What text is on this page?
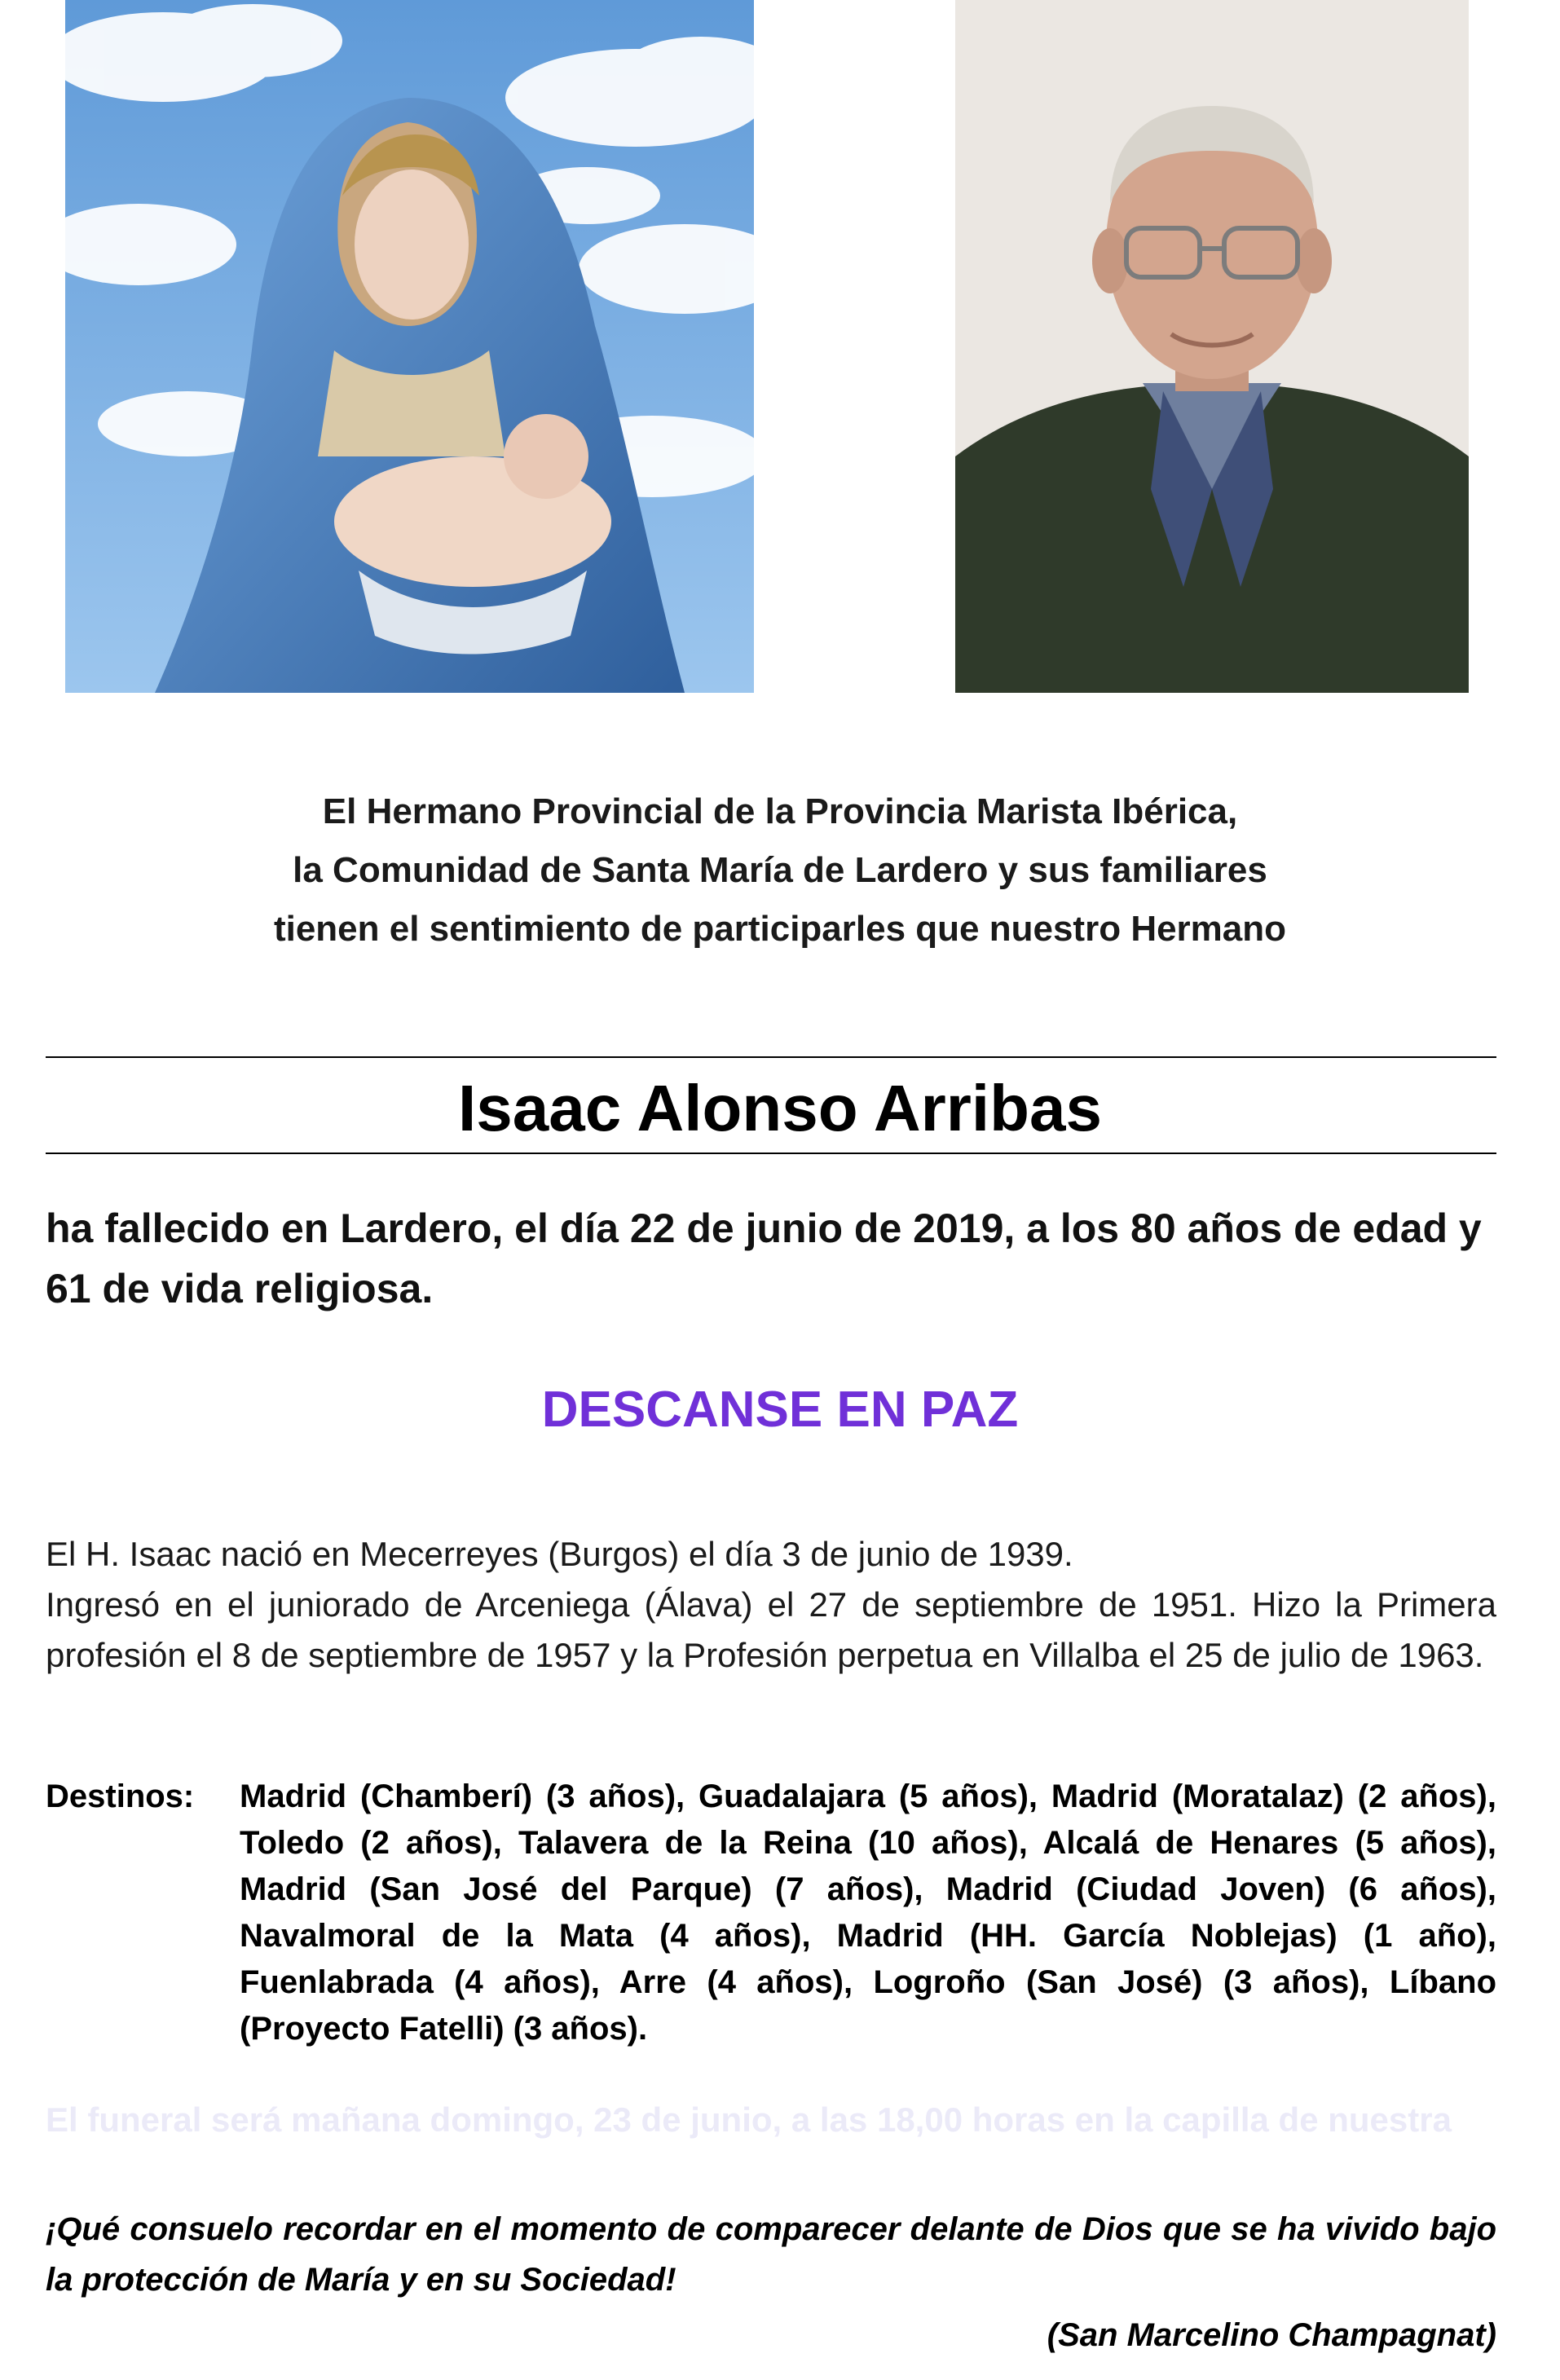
El Hermano Provincial de la Provincia Marista Ibérica,
la Comunidad de Santa María de Lardero y sus familiares
tienen el sentimiento de participarles que nuestro Hermano
Isaac Alonso Arribas
ha fallecido en Lardero, el día 22 de junio de 2019, a los 80 años de edad y 61 de vida religiosa.
DESCANSE EN PAZ
El H. Isaac nació en Mecerreyes (Burgos) el día 3 de junio de 1939.
Ingresó en el juniorado de Arceniega (Álava) el 27 de septiembre de 1951. Hizo la Primera profesión el 8 de septiembre de 1957 y la Profesión perpetua en Villalba el 25 de julio de 1963.
Destinos: Madrid (Chamberí) (3 años), Guadalajara (5 años), Madrid (Moratalaz) (2 años), Toledo (2 años), Talavera de la Reina (10 años), Alcalá de Henares (5 años), Madrid (San José del Parque) (7 años), Madrid (Ciudad Joven) (6 años), Navalmoral de la Mata (4 años), Madrid (HH. García Noblejas) (1 año), Fuenlabrada (4 años), Arre (4 años), Logroño (San José) (3 años), Líbano (Proyecto Fatelli) (3 años).
El funeral será mañana domingo, 23 de junio, a las 18,00 horas en la capilla de nuestra
¡Qué consuelo recordar en el momento de comparecer delante de Dios que se ha vivido bajo la protección de María y en su Sociedad!
(San Marcelino Champagnat)
